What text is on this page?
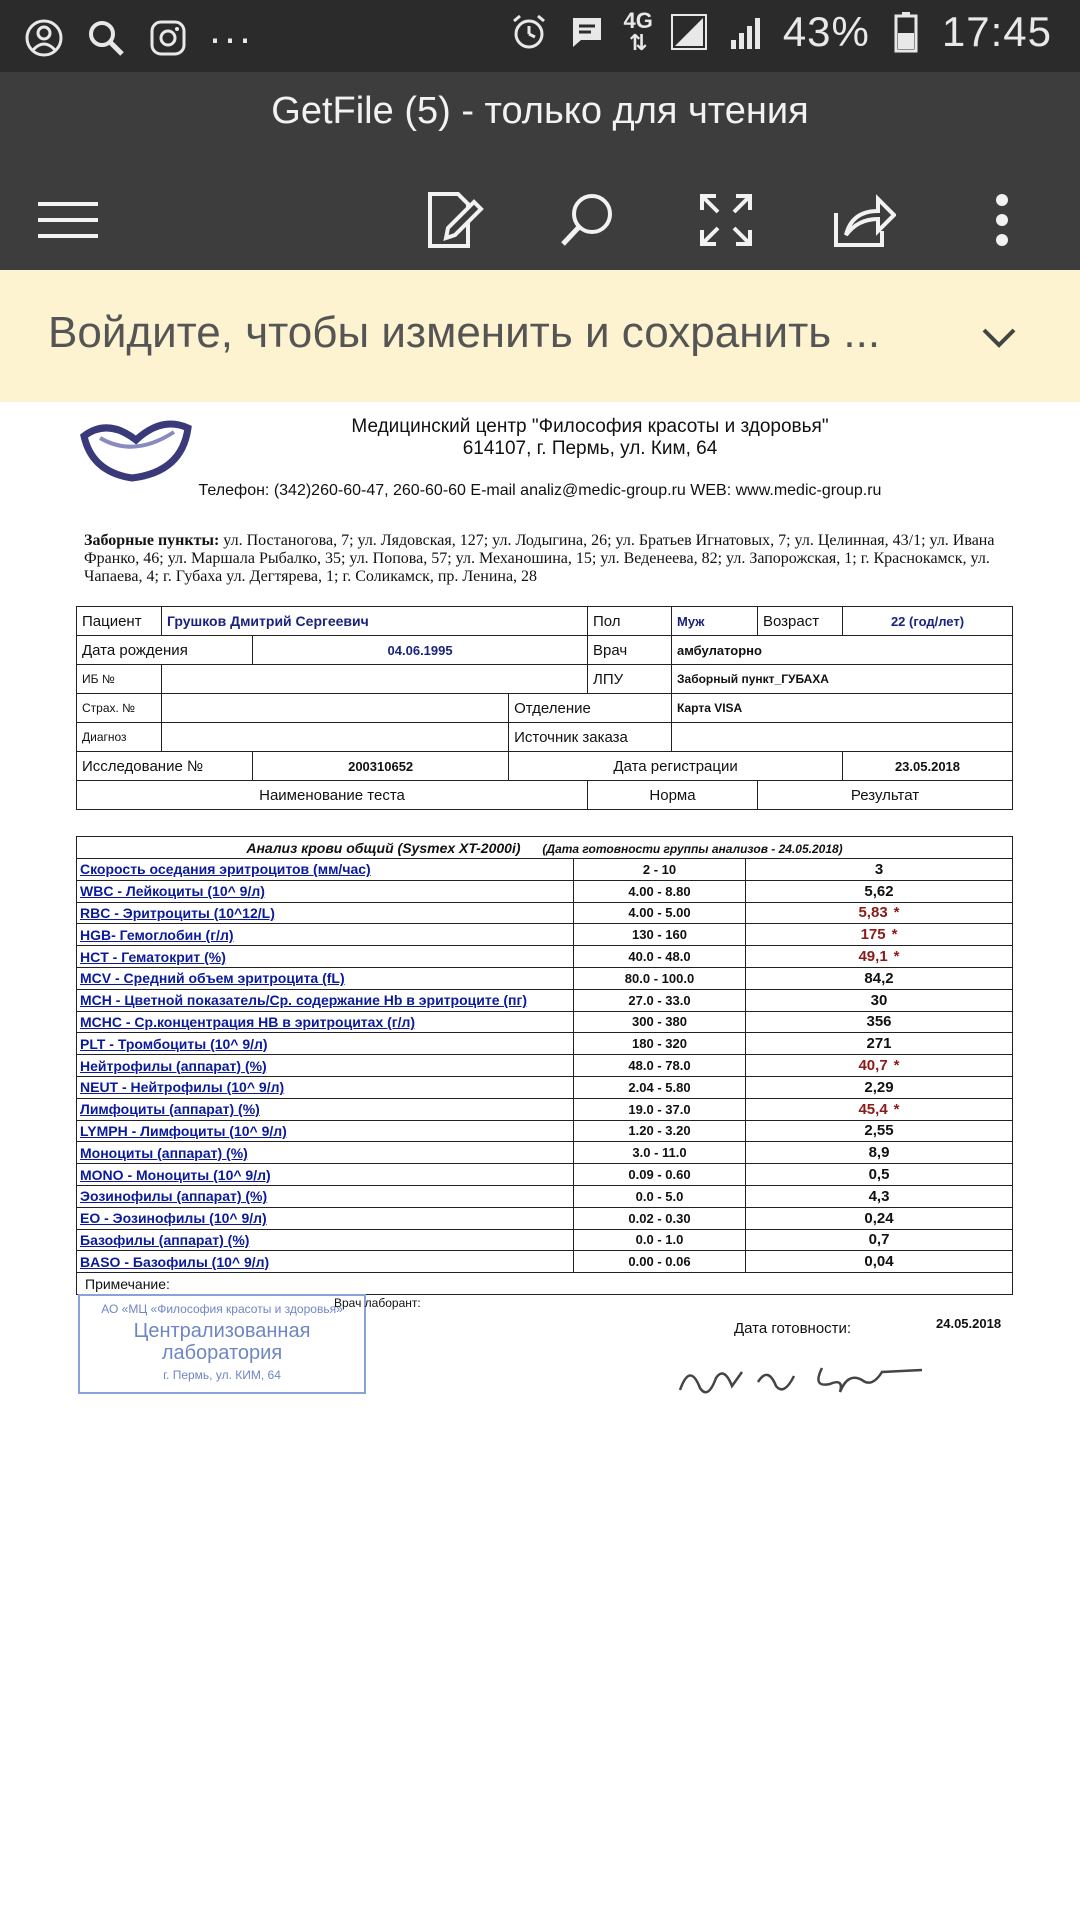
···	4G
⇅	43% 17:45
GetFile (5) - только для чтения
Войдите, чтобы изменить и сохранить ...
Медицинский центр "Философия красоты и здоровья"
614107, г. Пермь, ул. Ким, 64
Телефон: (342)260-60-47, 260-60-60 E-mail analiz@medic-group.ru WEB: www.medic-group.ru
Заборные пункты: ул. Постаногова, 7; ул. Лядовская, 127; ул. Лодыгина, 26; ул. Братьев Игнатовых, 7; ул. Целинная, 43/1; ул. Ивана Франко, 46; ул. Маршала Рыбалко, 35; ул. Попова, 57; ул. Механошина, 15; ул. Веденеева, 82; ул. Запорожская, 1; г. Краснокамск, ул. Чапаева, 4; г. Губаха ул. Дегтярева, 1; г. Соликамск, пр. Ленина, 28
Пациент	Грушков Дмитрий Сергеевич			Пол	Муж	Возраст	22 (год/лет)
Дата рождения		04.06.1995		Врач	амбулаторно		
ИБ №				ЛПУ	Заборный пункт_ГУБАХА		
Страх. №			Отделение		Карта VISA		
Диагноз			Источник заказа				
Исследование №		200310652	Дата регистрации				23.05.2018
Наименование теста				Норма		Результат	
Анализ крови общий (Sysmex XT-2000i) (Дата готовности группы анализов - 24.05.2018)		
Скорость оседания эритроцитов (мм/час)	2 - 10	3
WBC - Лейкоциты (10^ 9/л)	4.00 - 8.80	5,62
RBC - Эритроциты (10^12/L)	4.00 - 5.00	5,83 *
HGB- Гемоглобин (г/л)	130 - 160	175 *
HCT - Гематокрит (%)	40.0 - 48.0	49,1 *
MCV - Средний объем эритроцита (fL)	80.0 - 100.0	84,2
MCH - Цветной показатель/Ср. содержание Hb в эритроците (пг)	27.0 - 33.0	30
MCHC - Ср.концентрация HB в эритроцитах (г/л)	300 - 380	356
PLT - Тромбоциты (10^ 9/л)	180 - 320	271
Нейтрофилы (аппарат) (%)	48.0 - 78.0	40,7 *
NEUT - Нейтрофилы (10^ 9/л)	2.04 - 5.80	2,29
Лимфоциты (аппарат) (%)	19.0 - 37.0	45,4 *
LYMPH - Лимфоциты (10^ 9/л)	1.20 - 3.20	2,55
Моноциты (аппарат) (%)	3.0 - 11.0	8,9
MONO - Моноциты (10^ 9/л)	0.09 - 0.60	0,5
Эозинофилы (аппарат) (%)	0.0 - 5.0	4,3
EO - Эозинофилы (10^ 9/л)	0.02 - 0.30	0,24
Базофилы (аппарат) (%)	0.0 - 1.0	0,7
BASO - Базофилы (10^ 9/л)	0.00 - 0.06	0,04
Примечание:		
АО «МЦ «Философия красоты и здоровья»
Централизованная лаборатория
г. Пермь, ул. КИМ, 64
Врач лаборант:
Дата готовности:	24.05.2018
